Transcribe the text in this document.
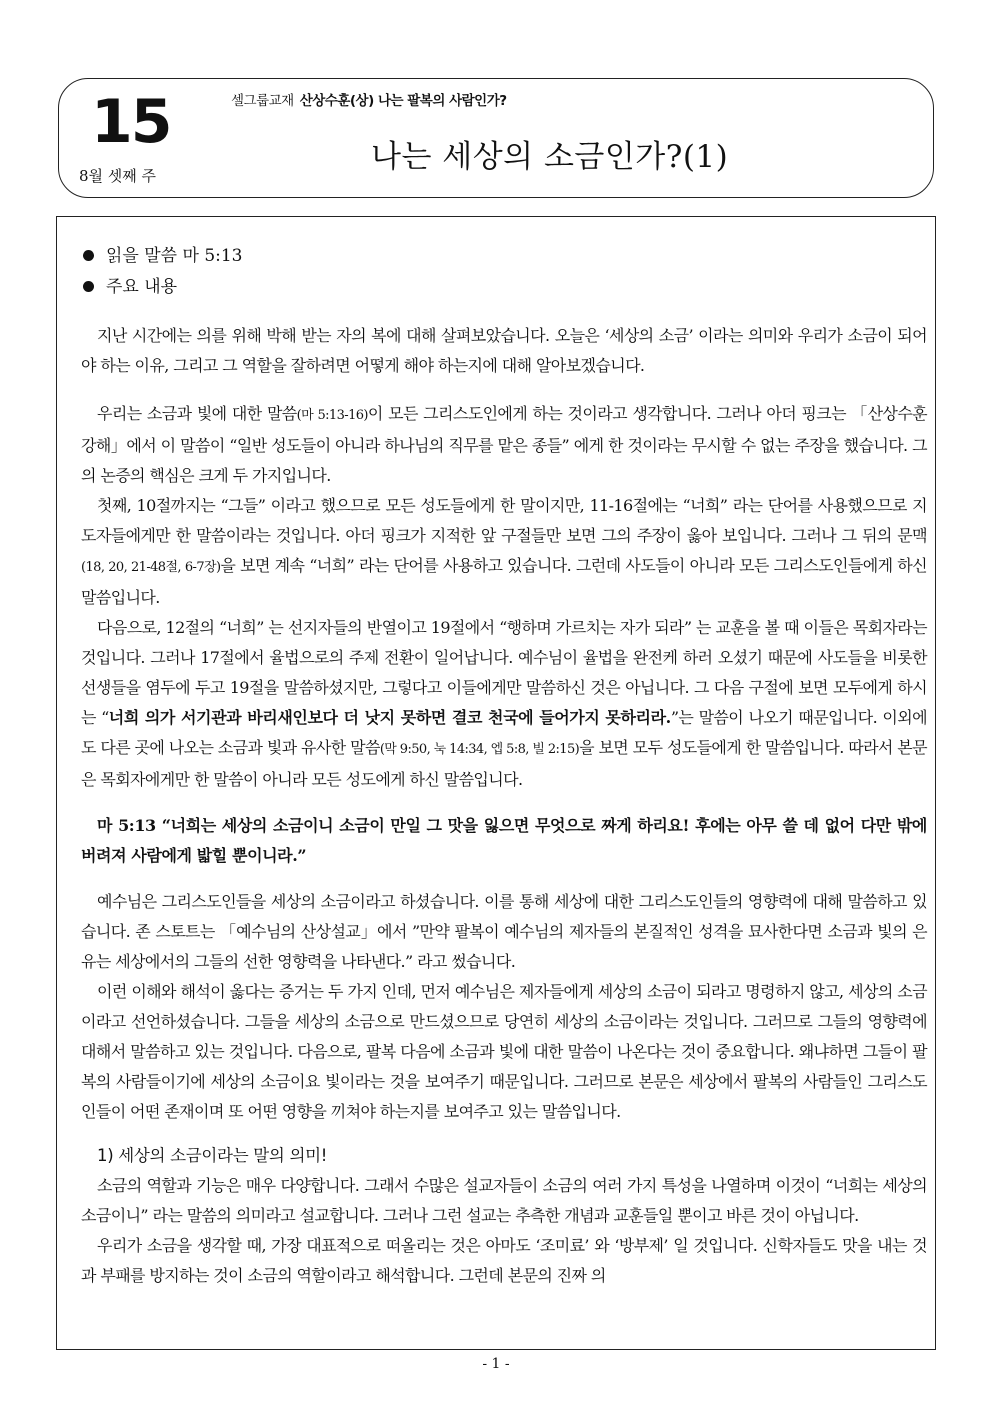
15
8월 셋째 주
셀그룹교재 산상수훈(상) 나는 팔복의 사람인가?
나는 세상의 소금인가?(1)
읽을 말씀 마 5:13
주요 내용

지난 시간에는 의를 위해 박해 받는 자의 복에 대해 살펴보았습니다. 오늘은 ‘세상의 소금’ 이라는 의미와 우리가 소금이 되어야 하는 이유, 그리고 그 역할을 잘하려면 어떻게 해야 하는지에 대해 알아보겠습니다.

우리는 소금과 빛에 대한 말씀(마 5:13-16)이 모든 그리스도인에게 하는 것이라고 생각합니다. 그러나 아더 핑크는 「산상수훈 강해」에서 이 말씀이 “일반 성도들이 아니라 하나님의 직무를 맡은 종들” 에게 한 것이라는 무시할 수 없는 주장을 했습니다. 그의 논증의 핵심은 크게 두 가지입니다.

첫째, 10절까지는 “그들” 이라고 했으므로 모든 성도들에게 한 말이지만, 11-16절에는 “너희” 라는 단어를 사용했으므로 지도자들에게만 한 말씀이라는 것입니다. 아더 핑크가 지적한 앞 구절들만 보면 그의 주장이 옳아 보입니다. 그러나 그 뒤의 문맥(18, 20, 21-48절, 6-7장)을 보면 계속 “너희” 라는 단어를 사용하고 있습니다. 그런데 사도들이 아니라 모든 그리스도인들에게 하신 말씀입니다.

다음으로, 12절의 “너희” 는 선지자들의 반열이고 19절에서 “행하며 가르치는 자가 되라” 는 교훈을 볼 때 이들은 목회자라는 것입니다. 그러나 17절에서 율법으로의 주제 전환이 일어납니다. 예수님이 율법을 완전케 하러 오셨기 때문에 사도들을 비롯한 선생들을 염두에 두고 19절을 말씀하셨지만, 그렇다고 이들에게만 말씀하신 것은 아닙니다. 그 다음 구절에 보면 모두에게 하시는 “너희 의가 서기관과 바리새인보다 더 낫지 못하면 결코 천국에 들어가지 못하리라.”는 말씀이 나오기 때문입니다. 이외에도 다른 곳에 나오는 소금과 빛과 유사한 말씀(막 9:50, 눅 14:34, 엡 5:8, 빌 2:15)을 보면 모두 성도들에게 한 말씀입니다. 따라서 본문은 목회자에게만 한 말씀이 아니라 모든 성도에게 하신 말씀입니다.

마 5:13 “너희는 세상의 소금이니 소금이 만일 그 맛을 잃으면 무엇으로 짜게 하리요! 후에는 아무 쓸 데 없어 다만 밖에 버려져 사람에게 밟힐 뿐이니라.”

예수님은 그리스도인들을 세상의 소금이라고 하셨습니다. 이를 통해 세상에 대한 그리스도인들의 영향력에 대해 말씀하고 있습니다. 존 스토트는 「예수님의 산상설교」에서 ”만약 팔복이 예수님의 제자들의 본질적인 성격을 묘사한다면 소금과 빛의 은유는 세상에서의 그들의 선한 영향력을 나타낸다.” 라고 썼습니다.

이런 이해와 해석이 옳다는 증거는 두 가지 인데, 먼저 예수님은 제자들에게 세상의 소금이 되라고 명령하지 않고, 세상의 소금이라고 선언하셨습니다. 그들을 세상의 소금으로 만드셨으므로 당연히 세상의 소금이라는 것입니다. 그러므로 그들의 영향력에 대해서 말씀하고 있는 것입니다. 다음으로, 팔복 다음에 소금과 빛에 대한 말씀이 나온다는 것이 중요합니다. 왜냐하면 그들이 팔복의 사람들이기에 세상의 소금이요 빛이라는 것을 보여주기 때문입니다. 그러므로 본문은 세상에서 팔복의 사람들인 그리스도인들이 어떤 존재이며 또 어떤 영향을 끼쳐야 하는지를 보여주고 있는 말씀입니다.

1) 세상의 소금이라는 말의 의미!

소금의 역할과 기능은 매우 다양합니다. 그래서 수많은 설교자들이 소금의 여러 가지 특성을 나열하며 이것이 “너희는 세상의 소금이니” 라는 말씀의 의미라고 설교합니다. 그러나 그런 설교는 추측한 개념과 교훈들일 뿐이고 바른 것이 아닙니다.

우리가 소금을 생각할 때, 가장 대표적으로 떠올리는 것은 아마도 ‘조미료’ 와 ‘방부제’ 일 것입니다. 신학자들도 맛을 내는 것과 부패를 방지하는 것이 소금의 역할이라고 해석합니다. 그런데 본문의 진짜 의

- 1 -
